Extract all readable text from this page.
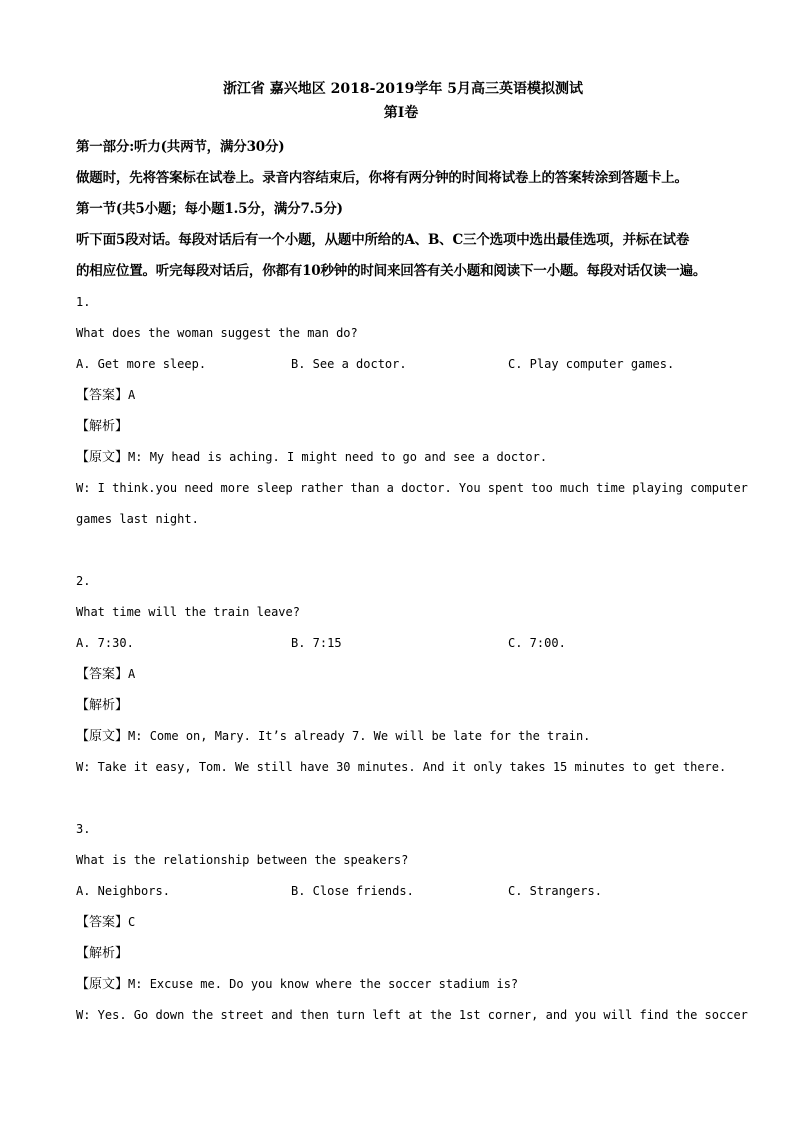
浙江省 嘉兴地区 2018-2019学年 5月高三英语模拟测试
第Ⅰ卷
第一部分:听力(共两节，满分30分)
做题时，先将答案标在试卷上。录音内容结束后，你将有两分钟的时间将试卷上的答案转涂到答题卡上。
第一节(共5小题；每小题1.5分，满分7.5分)
听下面5段对话。每段对话后有一个小题，从题中所给的A、B、C三个选项中选出最佳选项，并标在试卷
的相应位置。听完每段对话后，你都有10秒钟的时间来回答有关小题和阅读下一小题。每段对话仅读一遍。
1.
What does the woman suggest the man do?
A. Get more sleep.	B. See a doctor.	C. Play computer games.
【答案】A
【解析】
【原文】M: My head is aching. I might need to go and see a doctor.
W: I think.you need more sleep rather than a doctor. You spent too much time playing computer
games last night.
2.
What time will the train leave?
A. 7:30.	B. 7:15	C. 7:00.
【答案】A
【解析】
【原文】M: Come on, Mary. It’s already 7. We will be late for the train.
W: Take it easy, Tom. We still have 30 minutes. And it only takes 15 minutes to get there.
3.
What is the relationship between the speakers?
A. Neighbors.	B. Close friends.	C. Strangers.
【答案】C
【解析】
【原文】M: Excuse me. Do you know where the soccer stadium is?
W: Yes. Go down the street and then turn left at the 1st corner, and you will find the soccer
